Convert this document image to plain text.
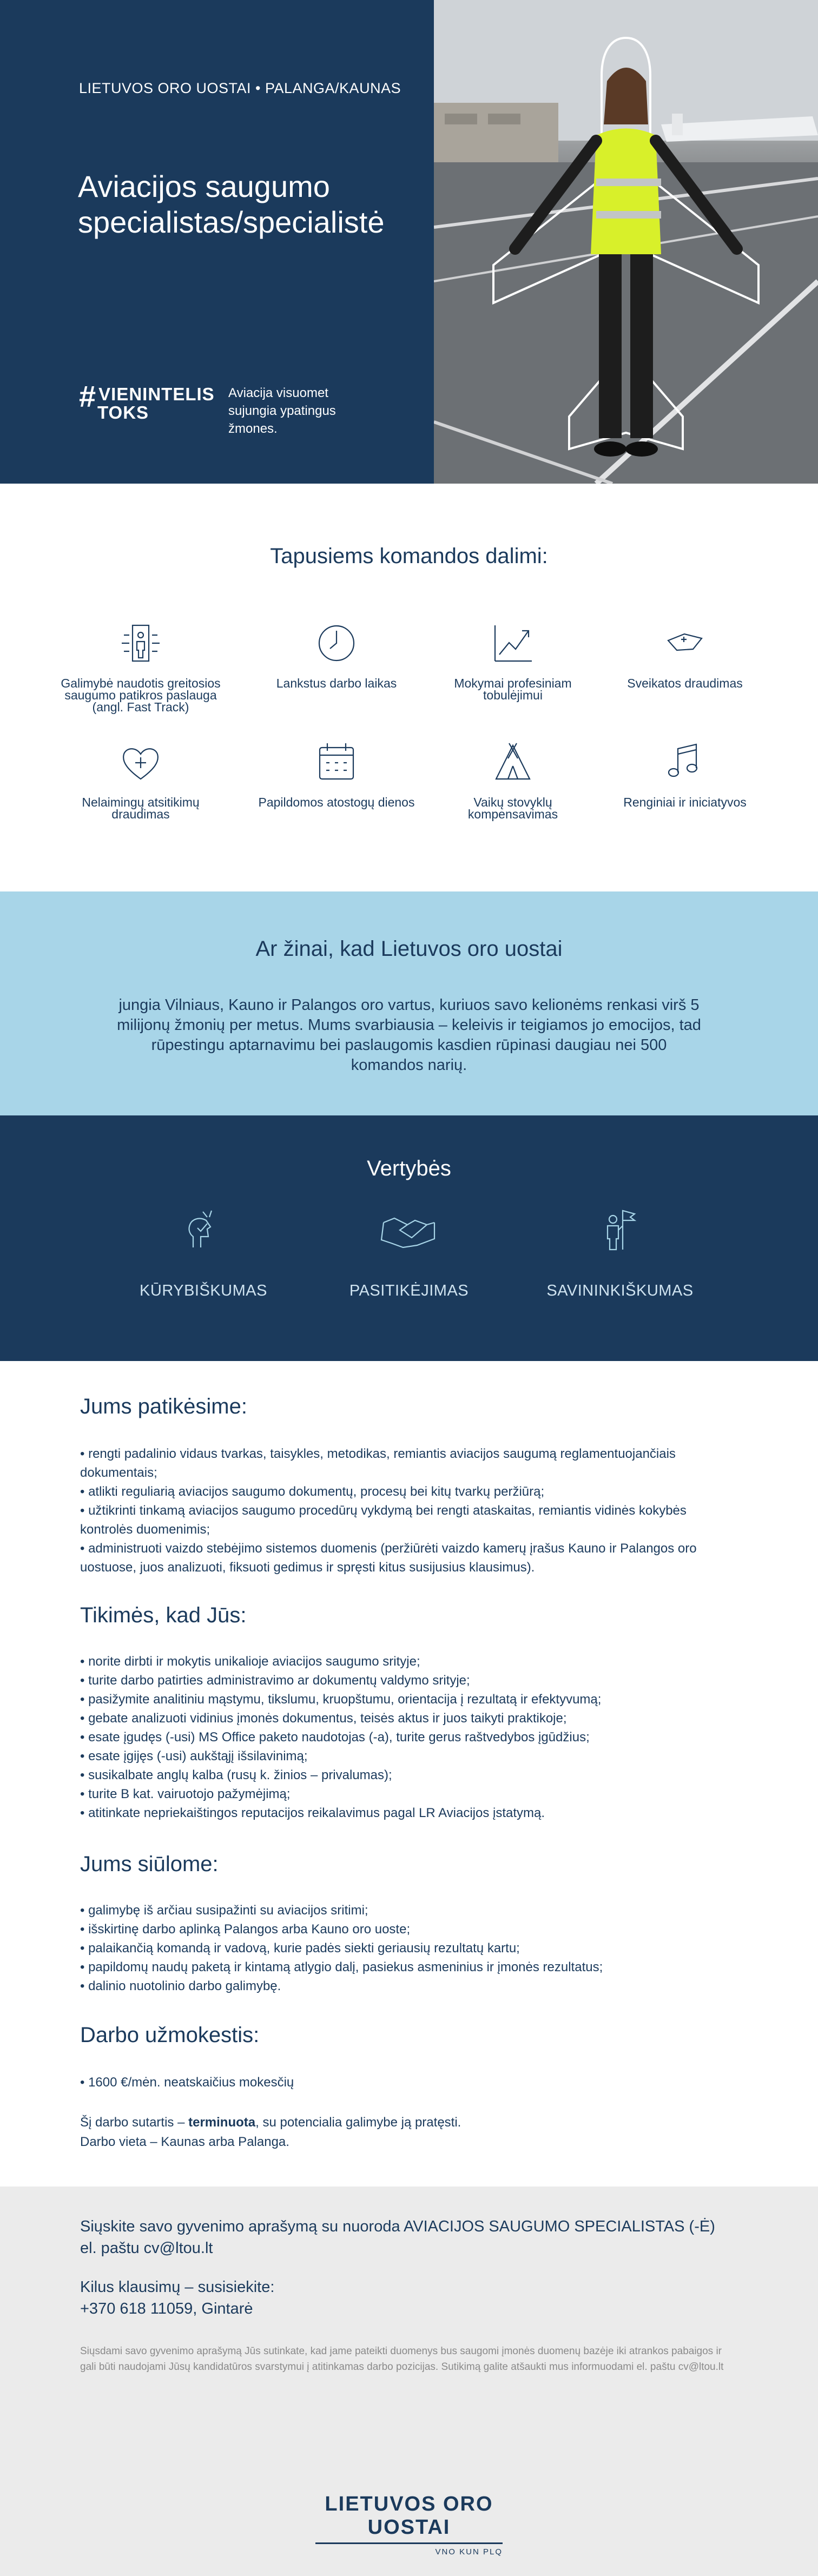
LIETUVOS ORO UOSTAI • PALANGA/KAUNAS
Aviacijos saugumo specialistas/specialistė
# VIENINTELIS
TOKS
Aviacija visuomet sujungia ypatingus žmones.
Tapusiems komandos dalimi:
Galimybė naudotis greitosios saugumo patikros paslauga (angl. Fast Track)
Lankstus darbo laikas	Mokymai profesiniam tobulėjimui
Sveikatos draudimas
Nelaimingų atsitikimų draudimas
Papildomos atostogų dienos	Vaikų stovyklų kompensavimas
Renginiai ir iniciatyvos
Ar žinai, kad Lietuvos oro uostai
jungia Vilniaus, Kauno ir Palangos oro vartus, kuriuos savo kelionėms renkasi virš 5 milijonų žmonių per metus. Mums svarbiausia – keleivis ir teigiamos jo emocijos, tad rūpestingu aptarnavimu bei paslaugomis kasdien rūpinasi daugiau nei 500 komandos narių.
Vertybės
KŪRYBIŠKUMAS	PASITIKĖJIMAS	SAVININKIŠKUMAS
Jums patikėsime:
• rengti padalinio vidaus tvarkas, taisykles, metodikas, remiantis aviacijos saugumą reglamentuojančiais dokumentais;
• atlikti reguliarią aviacijos saugumo dokumentų, procesų bei kitų tvarkų peržiūrą;
• užtikrinti tinkamą aviacijos saugumo procedūrų vykdymą bei rengti ataskaitas, remiantis vidinės kokybės kontrolės duomenimis;
• administruoti vaizdo stebėjimo sistemos duomenis (peržiūrėti vaizdo kamerų įrašus Kauno ir Palangos oro uostuose, juos analizuoti, fiksuoti gedimus ir spręsti kitus susijusius klausimus).
Tikimės, kad Jūs:
• norite dirbti ir mokytis unikalioje aviacijos saugumo srityje;
• turite darbo patirties administravimo ar dokumentų valdymo srityje;
• pasižymite analitiniu mąstymu, tikslumu, kruopštumu, orientacija į rezultatą ir efektyvumą;
• gebate analizuoti vidinius įmonės dokumentus, teisės aktus ir juos taikyti praktikoje;
• esate įgudęs (-usi) MS Office paketo naudotojas (-a), turite gerus raštvedybos įgūdžius;
• esate įgijęs (-usi) aukštąjį išsilavinimą;
• susikalbate anglų kalba (rusų k. žinios – privalumas);
• turite B kat. vairuotojo pažymėjimą;
• atitinkate nepriekaištingos reputacijos reikalavimus pagal LR Aviacijos įstatymą.
Jums siūlome:
• galimybę iš arčiau susipažinti su aviacijos sritimi;
• išskirtinę darbo aplinką Palangos arba Kauno oro uoste;
• palaikančią komandą ir vadovą, kurie padės siekti geriausių rezultatų kartu;
• papildomų naudų paketą ir kintamą atlygio dalį, pasiekus asmeninius ir įmonės rezultatus;
• dalinio nuotolinio darbo galimybę.
Darbo užmokestis:
• 1600 €/mėn. neatskaičius mokesčių
Šį darbo sutartis – terminuota, su potencialia galimybe ją pratęsti.
Darbo vieta – Kaunas arba Palanga.
Siųskite savo gyvenimo aprašymą su nuoroda AVIACIJOS SAUGUMO SPECIALISTAS (-Ė) el. paštu cv@ltou.lt
Kilus klausimų – susisiekite:
+370 618 11059, Gintarė
Siųsdami savo gyvenimo aprašymą Jūs sutinkate, kad jame pateikti duomenys bus saugomi įmonės duomenų bazėje iki atrankos pabaigos ir gali būti naudojami Jūsų kandidatūros svarstymui į atitinkamas darbo pozicijas. Sutikimą galite atšaukti mus informuodami el. paštu cv@ltou.lt
LIETUVOS ORO UOSTAI
VNO KUN PLQ
